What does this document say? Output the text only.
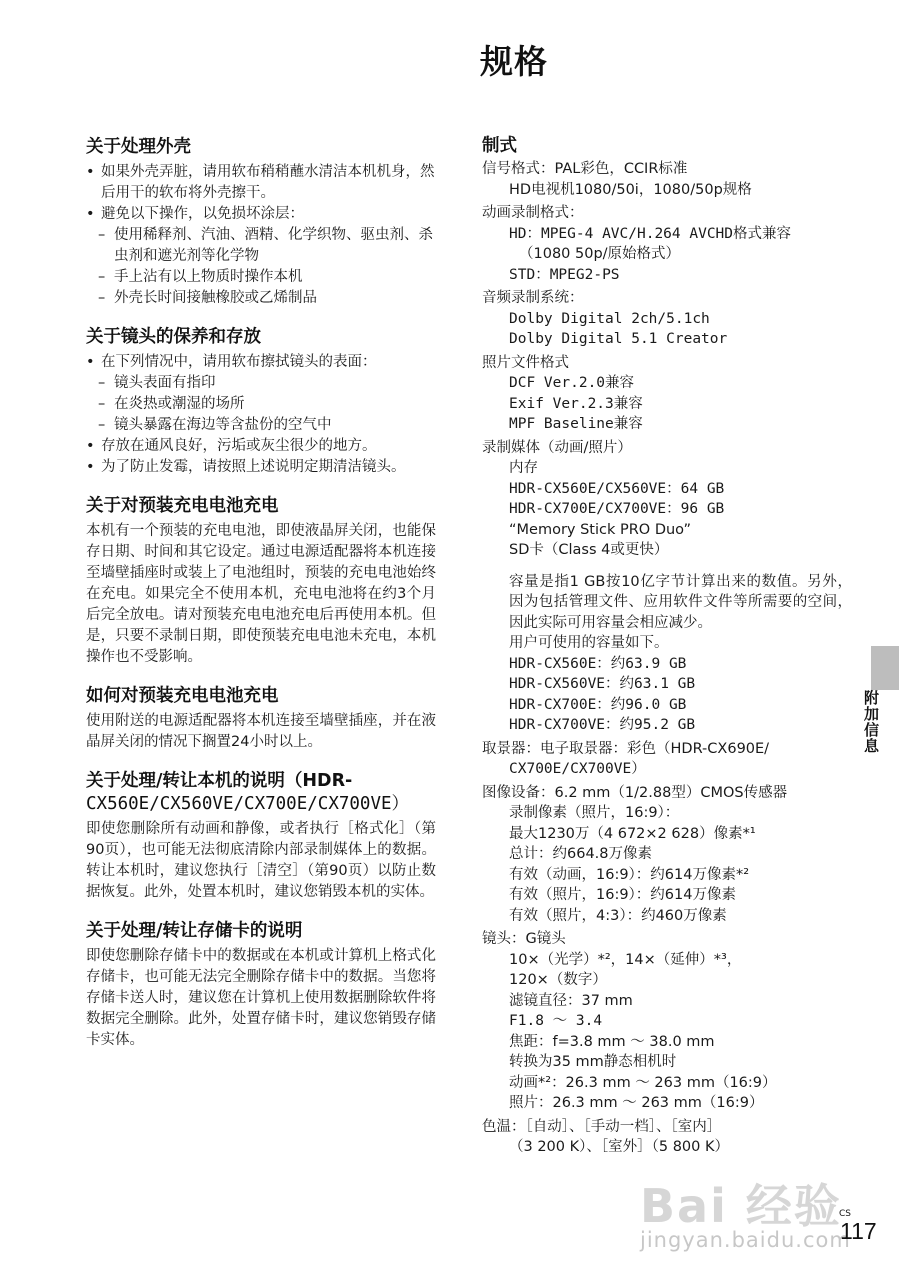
规格
关于处理外壳

• 如果外壳弄脏，请用软布稍稍蘸水清洁本机机身，然后用干的软布将外壳擦干。

• 避免以下操作，以免损坏涂层：

– 使用稀释剂、汽油、酒精、化学织物、驱虫剂、杀虫剂和遮光剂等化学物

– 手上沾有以上物质时操作本机

– 外壳长时间接触橡胶或乙烯制品

关于镜头的保养和存放

• 在下列情况中，请用软布擦拭镜头的表面：

– 镜头表面有指印

– 在炎热或潮湿的场所

– 镜头暴露在海边等含盐份的空气中

• 存放在通风良好，污垢或灰尘很少的地方。

• 为了防止发霉，请按照上述说明定期清洁镜头。

关于对预装充电电池充电

本机有一个预装的充电电池，即使液晶屏关闭，也能保存日期、时间和其它设定。通过电源适配器将本机连接至墙壁插座时或装上了电池组时，预装的充电电池始终在充电。如果完全不使用本机，充电电池将在约3个月后完全放电。请对预装充电电池充电后再使用本机。但是，只要不录制日期，即使预装充电电池未充电，本机操作也不受影响。

如何对预装充电电池充电

使用附送的电源适配器将本机连接至墙壁插座，并在液晶屏关闭的情况下搁置24小时以上。

关于处理/转让本机的说明（HDR-
CX560E/CX560VE/CX700E/CX700VE）

即使您删除所有动画和静像，或者执行［格式化］（第90页），也可能无法彻底清除内部录制媒体上的数据。转让本机时，建议您执行［清空］（第90页）以防止数据恢复。此外，处置本机时，建议您销毁本机的实体。

关于处理/转让存储卡的说明

即使您删除存储卡中的数据或在本机或计算机上格式化存储卡，也可能无法完全删除存储卡中的数据。当您将存储卡送人时，建议您在计算机上使用数据删除软件将数据完全删除。此外，处置存储卡时，建议您销毁存储卡实体。

制式

信号格式：PAL彩色，CCIR标准

HD电视机1080/50i，1080/50p规格

动画录制格式：

HD：MPEG-4 AVC/H.264 AVCHD格式兼容

（1080 50p/原始格式）

STD：MPEG2-PS

音频录制系统：

Dolby Digital 2ch/5.1ch

Dolby Digital 5.1 Creator

照片文件格式

DCF Ver.2.0兼容

Exif Ver.2.3兼容

MPF Baseline兼容

录制媒体（动画/照片）

内存

HDR-CX560E/CX560VE：64 GB

HDR-CX700E/CX700VE：96 GB

“Memory Stick PRO Duo”

SD卡（Class 4或更快）

容量是指1 GB按10亿字节计算出来的数值。另外，因为包括管理文件、应用软件文件等所需要的空间，因此实际可用容量会相应减少。

用户可使用的容量如下。

HDR-CX560E：约63.9 GB

HDR-CX560VE：约63.1 GB

HDR-CX700E：约96.0 GB

HDR-CX700VE：约95.2 GB

取景器：电子取景器：彩色（HDR-CX690E/

CX700E/CX700VE）

图像设备：6.2 mm（1/2.88型）CMOS传感器

录制像素（照片，16:9）：

最大1230万（4 672×2 628）像素*¹

总计：约664.8万像素

有效（动画，16:9）：约614万像素*²

有效（照片，16:9）：约614万像素

有效（照片，4:3）：约460万像素

镜头：G镜头

10×（光学）*²，14×（延伸）*³，

120×（数字）

滤镜直径：37 mm

F1.8 ～ 3.4

焦距：f=3.8 mm ～ 38.0 mm

转换为35 mm静态相机时

动画*²：26.3 mm ～ 263 mm（16:9）

照片：26.3 mm ～ 263 mm（16:9）

色温：［自动］、［手动一档］、［室内］

（3 200 K）、［室外］（5 800 K）

附加信息
Bai 经验
jingyan.baidu.com
CS
117
